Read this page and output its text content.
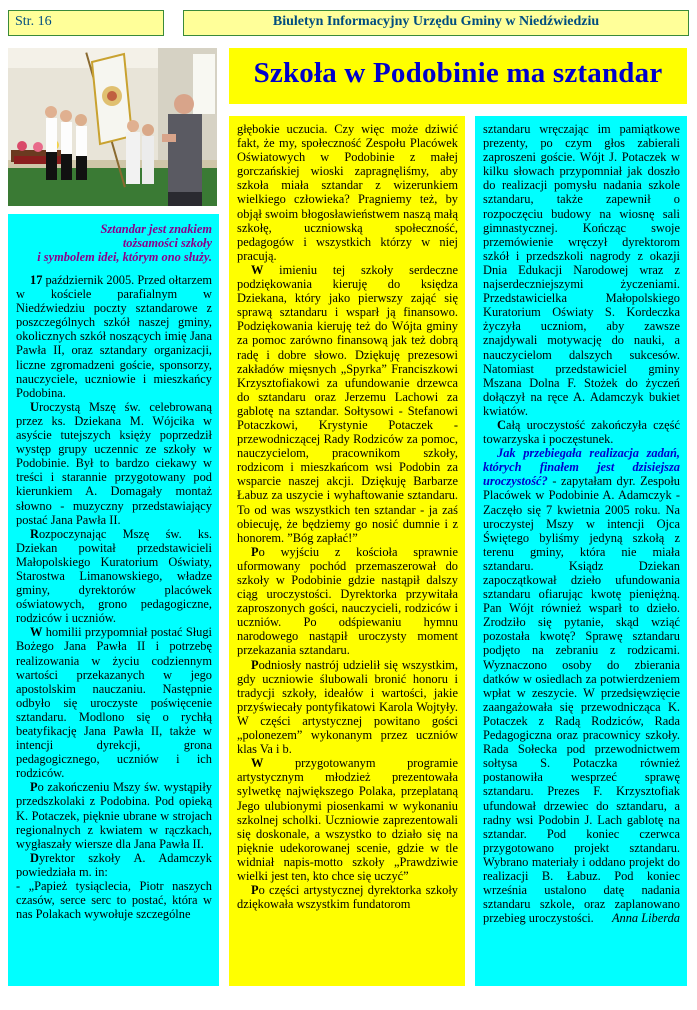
Str. 16	Biuletyn Informacyjny Urzędu Gminy w Niedźwiedziu
Szkoła w Podobinie ma sztandar
Sztandar jest znakiem
tożsamości szkoły
i symbolem idei, którym ono służy.

17 październik 2005. Przed ołtarzem w kościele parafialnym w Niedźwiedziu poczty sztandarowe z poszczególnych szkół naszej gminy, okolicznych szkół noszących imię Jana Pawła II, oraz sztandary organizacji, liczne zgromadzeni goście, sponsorzy, nauczyciele, uczniowie i mieszkańcy Podobina.

Uroczystą Mszę św. celebrowaną przez ks. Dziekana M. Wójcika w asyście tutejszych księży poprzedził występ grupy uczennic ze szkoły w Podobinie. Był to bardzo ciekawy w treści i starannie przygotowany pod kierunkiem A. Domagały montaż słowno - muzyczny przedstawiający postać Jana Pawła II.

Rozpoczynając Mszę św. ks. Dziekan powitał przedstawicieli Małopolskiego Kuratorium Oświaty, Starostwa Limanowskiego, władze gminy, dyrektorów placówek oświatowych, grono pedagogiczne, rodziców i uczniów.

W homilii przypomniał postać Sługi Bożego Jana Pawła II i potrzebę realizowania w życiu codziennym wartości przekazanych w jego apostolskim nauczaniu. Następnie odbyło się uroczyste poświęcenie sztandaru. Modlono się o rychłą beatyfikację Jana Pawła II, także w intencji dyrekcji, grona pedagogicznego, uczniów i ich rodziców.

Po zakończeniu Mszy św. wystąpiły przedszkolaki z Podobina. Pod opieką K. Potaczek, pięknie ubrane w strojach regionalnych z kwiatem w rączkach, wygłaszały wiersze dla Jana Pawła II.

Dyrektor szkoły A. Adamczyk powiedziała m. in:

- „Papież tysiąclecia, Piotr naszych czasów, serce serc to postać, która w nas Polakach wywołuje szczególne

głębokie uczucia. Czy więc może dziwić fakt, że my, społeczność Zespołu Placówek Oświatowych w Podobinie z małej gorczańskiej wioski zapragnęliśmy, aby szkoła miała sztandar z wizerunkiem wielkiego człowieka? Pragniemy też, by objął swoim błogosławieństwem naszą małą szkołę, uczniowską społeczność, pedagogów i wszystkich którzy w niej pracują.

W imieniu tej szkoły serdeczne podziękowania kieruję do księdza Dziekana, który jako pierwszy zająć się sprawą sztandaru i wsparł ją finansowo. Podziękowania kieruję też do Wójta gminy za pomoc zarówno finansową jak też dobrą radę i dobre słowo. Dziękuję prezesowi zakładów mięsnych „Spyrka” Franciszkowi Krzysztofiakowi za ufundowanie drzewca do sztandaru oraz Jerzemu Lachowi za gablotę na sztandar. Sołtysowi - Stefanowi Potaczkowi, Krystynie Potaczek - przewodniczącej Rady Rodziców za pomoc, nauczycielom, pracownikom szkoły, rodzicom i mieszkańcom wsi Podobin za wsparcie naszej akcji. Dziękuję Barbarze Łabuz za uszycie i wyhaftowanie sztandaru. To od was wszystkich ten sztandar - ja zaś obiecuję, że będziemy go nosić dumnie i z honorem. ”Bóg zapłać!”

Po wyjściu z kościoła sprawnie uformowany pochód przemaszerował do szkoły w Podobinie gdzie nastąpił dalszy ciąg uroczystości. Dyrektorka przywitała zaproszonych gości, nauczycieli, rodziców i uczniów. Po odśpiewaniu hymnu narodowego nastąpił uroczysty moment przekazania sztandaru.

Podniosły nastrój udzielił się wszystkim, gdy uczniowie ślubowali bronić honoru i tradycji szkoły, ideałów i wartości, jakie przyświecały pontyfikatowi Karola Wojtyły. W części artystycznej powitano gości „polonezem” wykonanym przez uczniów klas Va i b.

W przygotowanym programie artystycznym młodzież prezentowała sylwetkę największego Polaka, przeplataną Jego ulubionymi piosenkami w wykonaniu szkolnej scholki. Uczniowie zaprezentowali się doskonale, a wszystko to działo się na pięknie udekorowanej scenie, gdzie w tle widniał napis-motto szkoły „Prawdziwie wielki jest ten, kto chce się uczyć”

Po części artystycznej dyrektorka szkoły dziękowała wszystkim fundatorom

sztandaru wręczając im pamiątkowe prezenty, po czym głos zabierali zaproszeni goście. Wójt J. Potaczek w kilku słowach przypomniał jak doszło do realizacji pomysłu nadania szkole sztandaru, także zapewnił o rozpoczęciu budowy na wiosnę sali gimnastycznej. Kończąc swoje przemówienie wręczył dyrektorom szkół i przedszkoli nagrody z okazji Dnia Edukacji Narodowej wraz z najserdeczniejszymi życzeniami. Przedstawicielka Małopolskiego Kuratorium Oświaty S. Kordeczka życzyła uczniom, aby zawsze znajdywali motywację do nauki, a nauczycielom dalszych sukcesów. Natomiast przedstawiciel gminy Mszana Dolna F. Stożek do życzeń dołączył na ręce A. Adamczyk bukiet kwiatów.

Całą uroczystość zakończyła część towarzyska i poczęstunek.

Jak przebiegała realizacja zadań, których finałem jest dzisiejsza uroczystość? - zapytałam dyr. Zespołu Placówek w Podobinie A. Adamczyk - Zaczęło się 7 kwietnia 2005 roku. Na uroczystej Mszy w intencji Ojca Świętego byliśmy jedyną szkołą z terenu gminy, która nie miała sztandaru. Ksiądz Dziekan zapoczątkował dzieło ufundowania sztandaru ofiarując kwotę pieniężną. Pan Wójt również wsparł to dzieło. Zrodziło się pytanie, skąd wziąć pozostała kwotę? Sprawę sztandaru podjęto na zebraniu z rodzicami. Wyznaczono osoby do zbierania datków w osiedlach za potwierdzeniem wpłat w zeszycie. W przedsięwzięcie zaangażowała się przewodnicząca K. Potaczek z Radą Rodziców, Rada Pedagogiczna oraz pracownicy szkoły. Rada Sołecka pod przewodnictwem sołtysa S. Potaczka również postanowiła wesprzeć sprawę sztandaru. Prezes F. Krzysztofiak ufundował drzewiec do sztandaru, a radny wsi Podobin J. Lach gablotę na sztandar. Pod koniec czerwca przygotowano projekt sztandaru. Wybrano materiały i oddano projekt do realizacji B. Łabuz. Pod koniec września ustalono datę nadania sztandaru szkole, oraz zaplanowano przebieg uroczystości.	Anna Liberda
